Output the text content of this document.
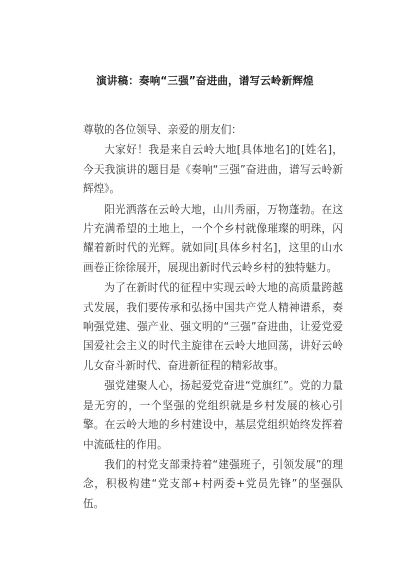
演讲稿：奏响“三强”奋进曲，谱写云岭新辉煌

尊敬的各位领导、亲爱的朋友们：

大家好！我是来自云岭大地[具体地名]的[姓名]，今天我演讲的题目是《奏响“三强”奋进曲，谱写云岭新辉煌》。

阳光洒落在云岭大地，山川秀丽，万物蓬勃。在这片充满希望的土地上，一个个乡村就像璀璨的明珠，闪耀着新时代的光辉。就如同[具体乡村名]，这里的山水画卷正徐徐展开，展现出新时代云岭乡村的独特魅力。

为了在新时代的征程中实现云岭大地的高质量跨越式发展，我们要传承和弘扬中国共产党人精神谱系，奏响强党建、强产业、强文明的“三强”奋进曲，让爱党爱国爱社会主义的时代主旋律在云岭大地回荡，讲好云岭儿女奋斗新时代、奋进新征程的精彩故事。

强党建聚人心，扬起爱党奋进“党旗红”。党的力量是无穷的，一个坚强的党组织就是乡村发展的核心引擎。在云岭大地的乡村建设中，基层党组织始终发挥着中流砥柱的作用。

我们的村党支部秉持着“建强班子，引领发展”的理念，积极构建“党支部+村两委+党员先锋”的坚强队伍。
